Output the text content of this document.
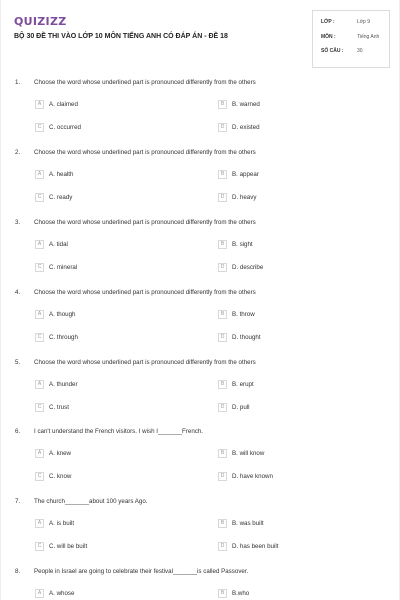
QUIZIZZ
BỘ 30 ĐỀ THI VÀO LỚP 10 MÔN TIẾNG ANH CÓ ĐÁP ÁN - ĐỀ 18
LỚP :	Lớp 9
MÔN :	Tiếng Anh
SỐ CÂU :	30
1. Choose the word whose underlined part is pronounced differently from the others
A	A. claimed	B	B. warned
C	C. occurred	D	D. existed
2. Choose the word whose underlined part is pronounced differently from the others
A	A. health	B	B. appear
C	C. ready	D	D. heavy
3. Choose the word whose underlined part is pronounced differently from the others
A	A. tidal	B	B. sight
C	C. mineral	D	D. describe
4. Choose the word whose underlined part is pronounced differently from the others
A	A. though	B	B. throw
C	C. through	D	D. thought
5. Choose the word whose underlined part is pronounced differently from the others
A	A. thunder	B	B. erupt
C	C. trust	D	D. pull
6. I can't understand the French visitors. I wish I_______French.
A	A. knew	B	B. will know
C	C. know	D	D. have known
7. The church_______about 100 years Ago.
A	A. is built	B	B. was built
C	C. will be built	D	D. has been built
8. People in Israel are going to celebrate their festival_______is called Passover.
A	A. whose	B	B.who
